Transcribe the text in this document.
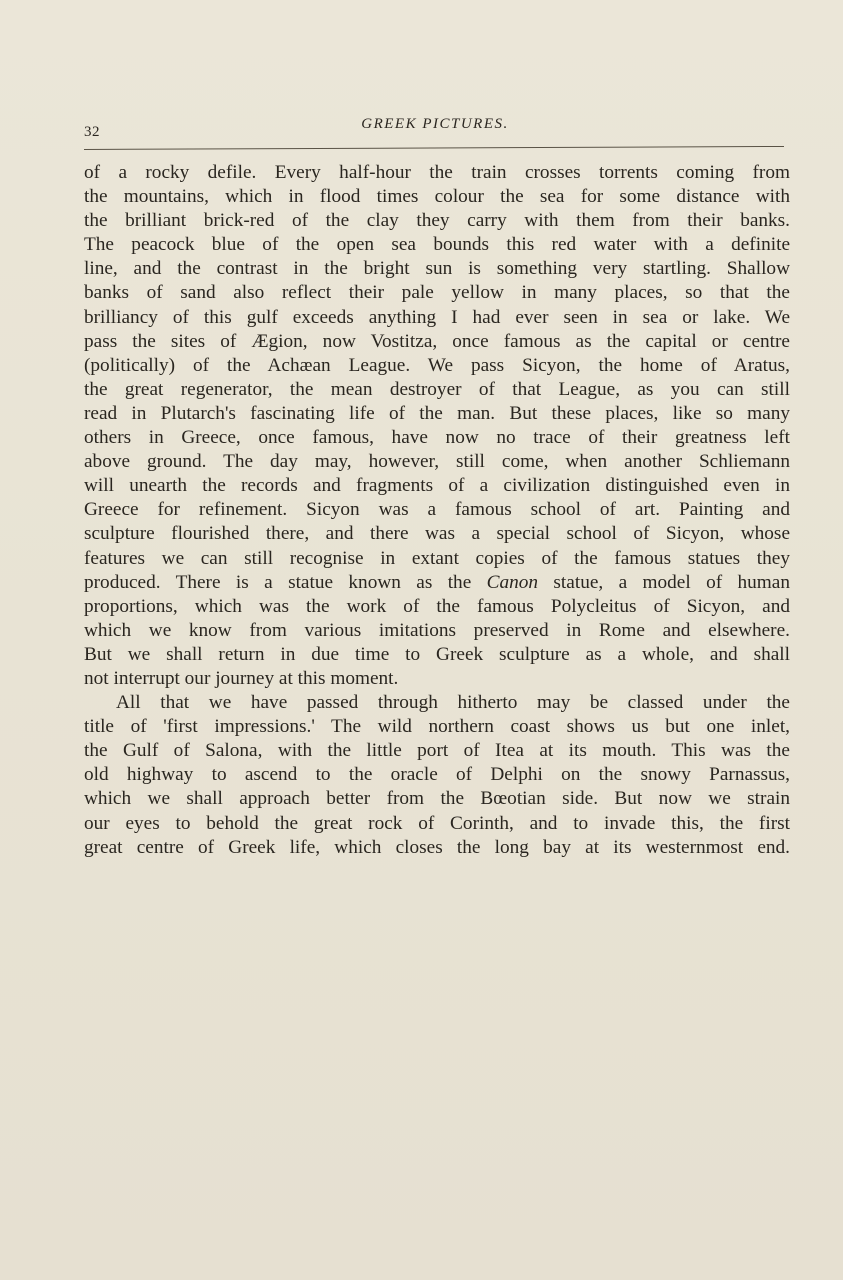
32	GREEK PICTURES.
of a rocky defile. Every half-hour the train crosses torrents coming from
the mountains, which in flood times colour the sea for some distance with
the brilliant brick-red of the clay they carry with them from their banks.
The peacock blue of the open sea bounds this red water with a definite
line, and the contrast in the bright sun is something very startling. Shallow
banks of sand also reflect their pale yellow in many places, so that the
brilliancy of this gulf exceeds anything I had ever seen in sea or lake. We
pass the sites of Ægion, now Vostitza, once famous as the capital or centre
(politically) of the Achæan League. We pass Sicyon, the home of Aratus,
the great regenerator, the mean destroyer of that League, as you can still
read in Plutarch's fascinating life of the man. But these places, like so many
others in Greece, once famous, have now no trace of their greatness left
above ground. The day may, however, still come, when another Schliemann
will unearth the records and fragments of a civilization distinguished even in
Greece for refinement. Sicyon was a famous school of art. Painting and
sculpture flourished there, and there was a special school of Sicyon, whose
features we can still recognise in extant copies of the famous statues they
produced. There is a statue known as the Canon statue, a model of human
proportions, which was the work of the famous Polycleitus of Sicyon, and
which we know from various imitations preserved in Rome and elsewhere.
But we shall return in due time to Greek sculpture as a whole, and shall
not interrupt our journey at this moment.
All that we have passed through hitherto may be classed under the
title of 'first impressions.' The wild northern coast shows us but one inlet,
the Gulf of Salona, with the little port of Itea at its mouth. This was the
old highway to ascend to the oracle of Delphi on the snowy Parnassus,
which we shall approach better from the Bœotian side. But now we strain
our eyes to behold the great rock of Corinth, and to invade this, the first
great centre of Greek life, which closes the long bay at its westernmost end.
